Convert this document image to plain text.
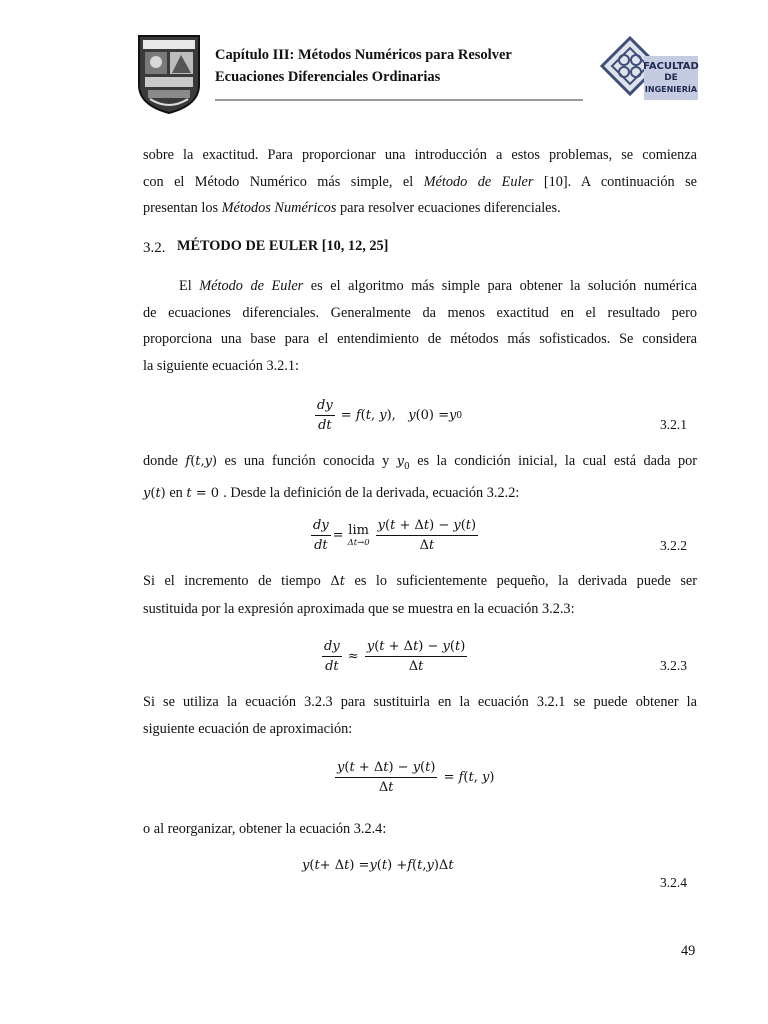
Capítulo III: Métodos Numéricos para Resolver
Ecuaciones Diferenciales Ordinarias
FACULTAD
DE
INGENIERÍA
sobre la exactitud. Para proporcionar una introducción a estos problemas, se comienza
con el Método Numérico más simple, el Método de Euler [10]. A continuación se
presentan los Métodos Numéricos para resolver ecuaciones diferenciales.
3.2. MÉTODO DE EULER [10, 12, 25]
El Método de Euler es el algoritmo más simple para obtener la solución numérica
de ecuaciones diferenciales. Generalmente da menos exactitud en el resultado pero
proporciona una base para el entendimiento de métodos más sofisticados. Se considera
la siguiente ecuación 3.2.1:
$\frac{dy}{dt} = f$ ( t , y ), y (0) = y 0
3.2.1
donde f(t,y) es una función conocida y $y_0$ es la condición inicial, la cual está dada por
y(t) en t = 0 . Desde la definición de la derivada, ecuación 3.2.2:
$\frac{dy}{dt} = \lim$
$\Delta t\to 0 \frac{y(t + \Delta t) - y(t)}{\Delta t}$	3.2.2
Si el incremento de tiempo Δt es lo suficientemente pequeño, la derivada puede ser
sustituida por la expresión aproximada que se muestra en la ecuación 3.2.3:
$\frac{dy}{dt} \approx \frac{y(t + \Delta t) - y(t)}{\Delta t}$	3.2.3
Si se utiliza la ecuación 3.2.3 para sustituirla en la ecuación 3.2.1 se puede obtener la
siguiente ecuación de aproximación:
$\frac{y(t + \Delta t) - y(t)}{\Delta t} = f$ ( t , y )
o al reorganizar, obtener la ecuación 3.2.4:
y ( t + Δ t ) = y ( t ) + f ( t , y )Δ t
3.2.4
49
